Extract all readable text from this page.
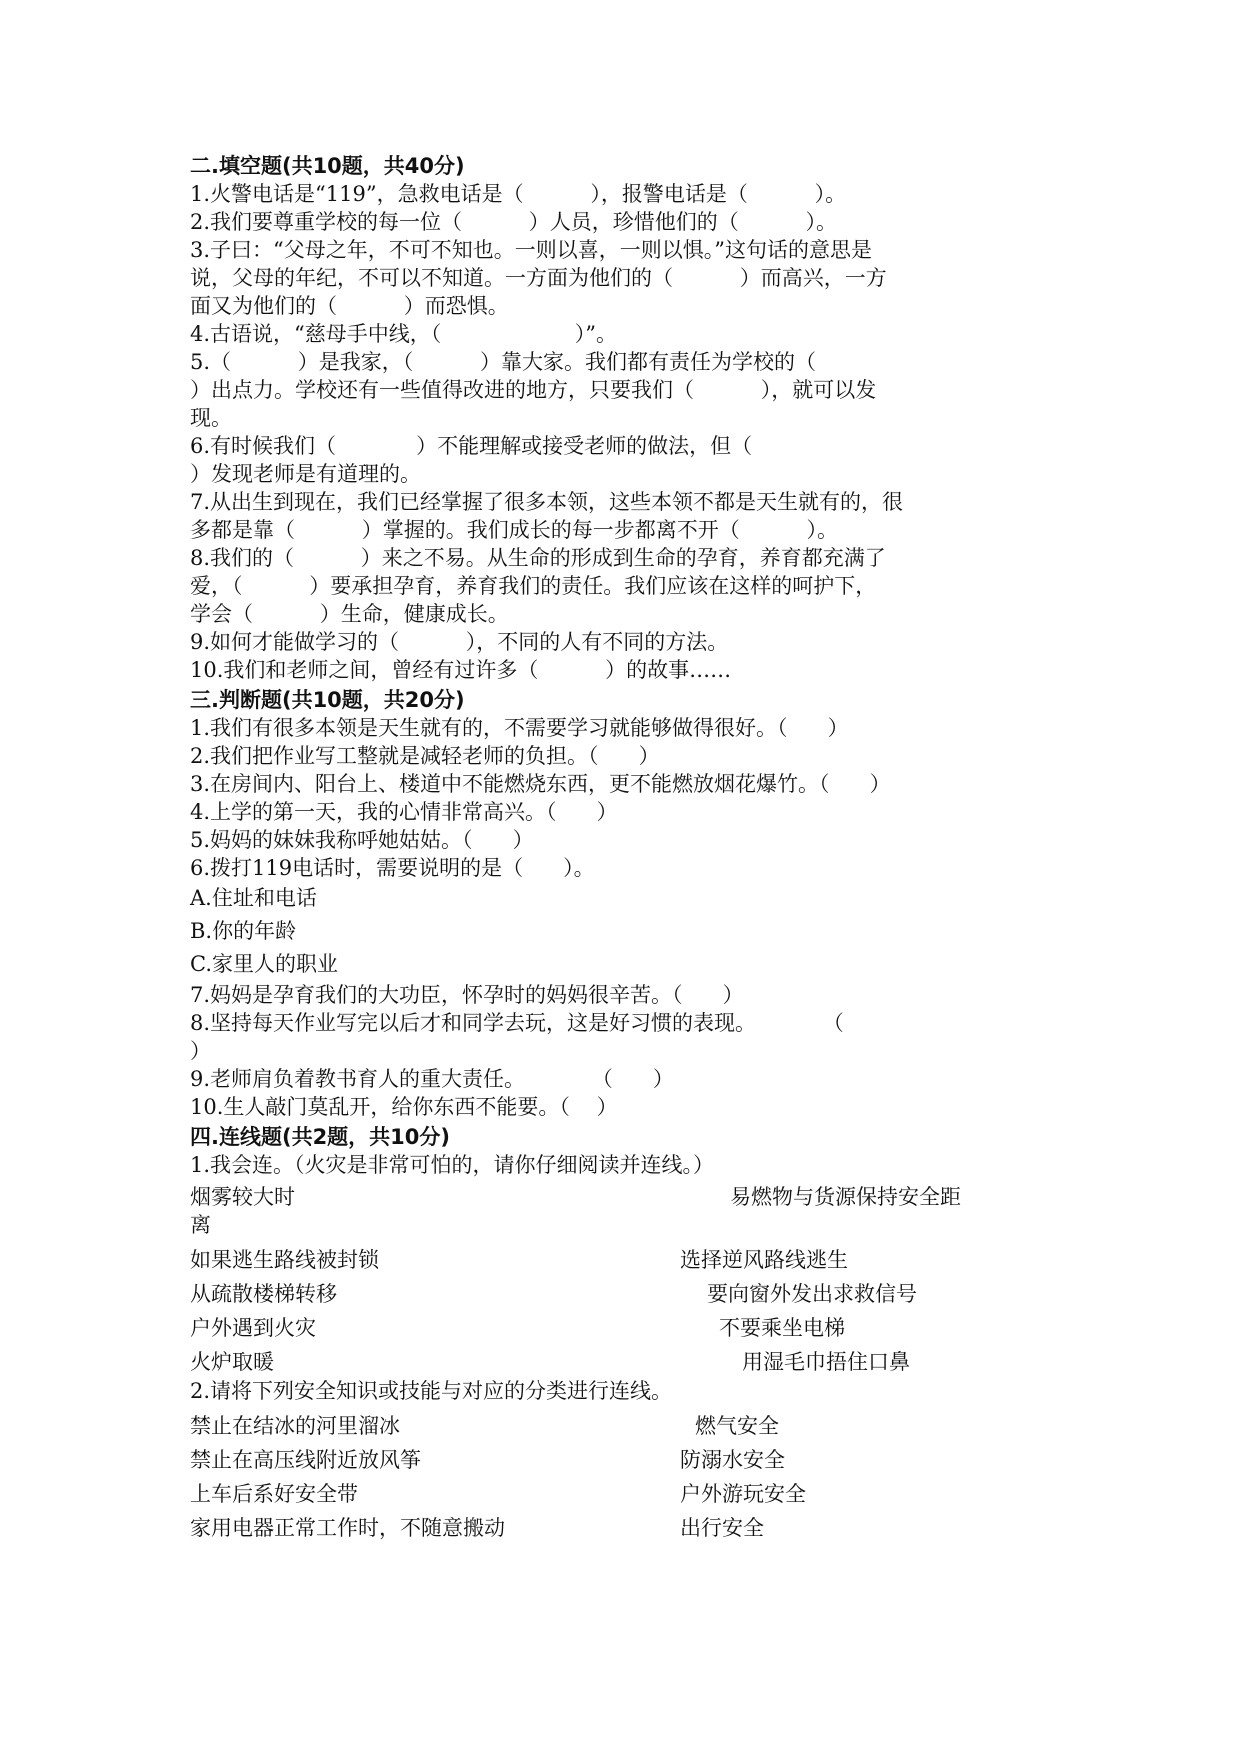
二.填空题(共10题，共40分)

1.火警电话是“119”，急救电话是（          ），报警电话是（          ）。

2.我们要尊重学校的每一位（          ）人员，珍惜他们的（          ）。

3.子曰：“父母之年，不可不知也。一则以喜，一则以惧。”这句话的意思是

说，父母的年纪，不可以不知道。一方面为他们的（          ）而高兴，一方

面又为他们的（          ）而恐惧。

4.古语说，“慈母手中线，（                    ）”。

5.（          ）是我家，（          ）靠大家。我们都有责任为学校的（

）出点力。学校还有一些值得改进的地方，只要我们（          ），就可以发

现。

6.有时候我们（            ）不能理解或接受老师的做法，但（

）发现老师是有道理的。

7.从出生到现在，我们已经掌握了很多本领，这些本领不都是天生就有的，很

多都是靠（          ）掌握的。我们成长的每一步都离不开（          ）。

8.我们的（          ）来之不易。从生命的形成到生命的孕育，养育都充满了

爱，（          ）要承担孕育，养育我们的责任。我们应该在这样的呵护下，

学会（          ）生命，健康成长。

9.如何才能做学习的（          ），不同的人有不同的方法。

10.我们和老师之间，曾经有过许多（          ）的故事……

三.判断题(共10题，共20分)

1.我们有很多本领是天生就有的，不需要学习就能够做得很好。（      ）

2.我们把作业写工整就是减轻老师的负担。（      ）

3.在房间内、阳台上、楼道中不能燃烧东西，更不能燃放烟花爆竹。（      ）

4.上学的第一天，我的心情非常高兴。（      ）

5.妈妈的妹妹我称呼她姑姑。（      ）

6.拨打119电话时，需要说明的是（      ）。

A.住址和电话

B.你的年龄

C.家里人的职业

7.妈妈是孕育我们的大功臣，怀孕时的妈妈很辛苦。（      ）

8.坚持每天作业写完以后才和同学去玩，这是好习惯的表现。          （

）

9.老师肩负着教书育人的重大责任。          （      ）

10.生人敲门莫乱开，给你东西不能要。（    ）

四.连线题(共2题，共10分)

1.我会连。（火灾是非常可怕的，请你仔细阅读并连线。）

烟雾较大时	易燃物与货源保持安全距
离
如果逃生路线被封锁	选择逆风路线逃生
从疏散楼梯转移	要向窗外发出求救信号
户外遇到火灾	不要乘坐电梯
火炉取暖	用湿毛巾捂住口鼻

2.请将下列安全知识或技能与对应的分类进行连线。

禁止在结冰的河里溜冰	燃气安全
禁止在高压线附近放风筝	防溺水安全
上车后系好安全带	户外游玩安全
家用电器正常工作时，不随意搬动	出行安全
